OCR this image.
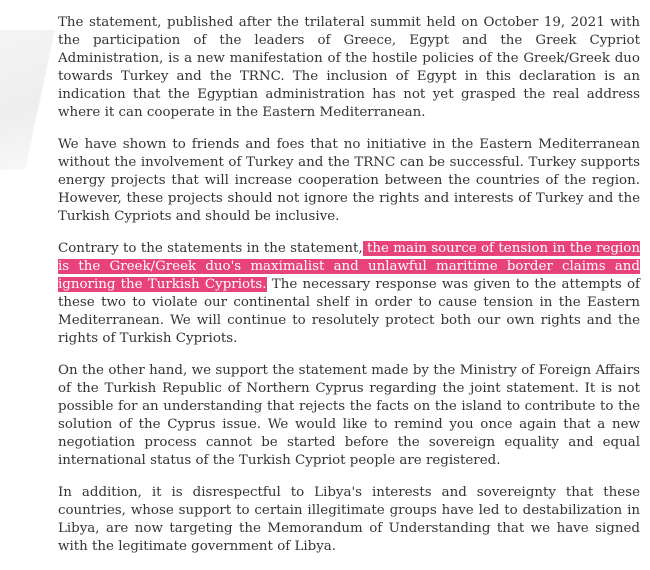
The statement, published after the trilateral summit held on October 19, 2021 with the participation of the leaders of Greece, Egypt and the Greek Cypriot Administration, is a new manifestation of the hostile policies of the Greek/Greek duo towards Turkey and the TRNC. The inclusion of Egypt in this declaration is an indication that the Egyptian administration has not yet grasped the real address where it can cooperate in the Eastern Mediterranean.

We have shown to friends and foes that no initiative in the Eastern Mediterranean without the involvement of Turkey and the TRNC can be successful. Turkey supports energy projects that will increase cooperation between the countries of the region. However, these projects should not ignore the rights and interests of Turkey and the Turkish Cypriots and should be inclusive.

Contrary to the statements in the statement, the main source of tension in the region is the Greek/Greek duo's maximalist and unlawful maritime border claims and ignoring the Turkish Cypriots. The necessary response was given to the attempts of these two to violate our continental shelf in order to cause tension in the Eastern Mediterranean. We will continue to resolutely protect both our own rights and the rights of Turkish Cypriots.

On the other hand, we support the statement made by the Ministry of Foreign Affairs of the Turkish Republic of Northern Cyprus regarding the joint statement. It is not possible for an understanding that rejects the facts on the island to contribute to the solution of the Cyprus issue. We would like to remind you once again that a new negotiation process cannot be started before the sovereign equality and equal international status of the Turkish Cypriot people are registered.

In addition, it is disrespectful to Libya's interests and sovereignty that these countries, whose support to certain illegitimate groups have led to destabilization in Libya, are now targeting the Memorandum of Understanding that we have signed with the legitimate government of Libya.
